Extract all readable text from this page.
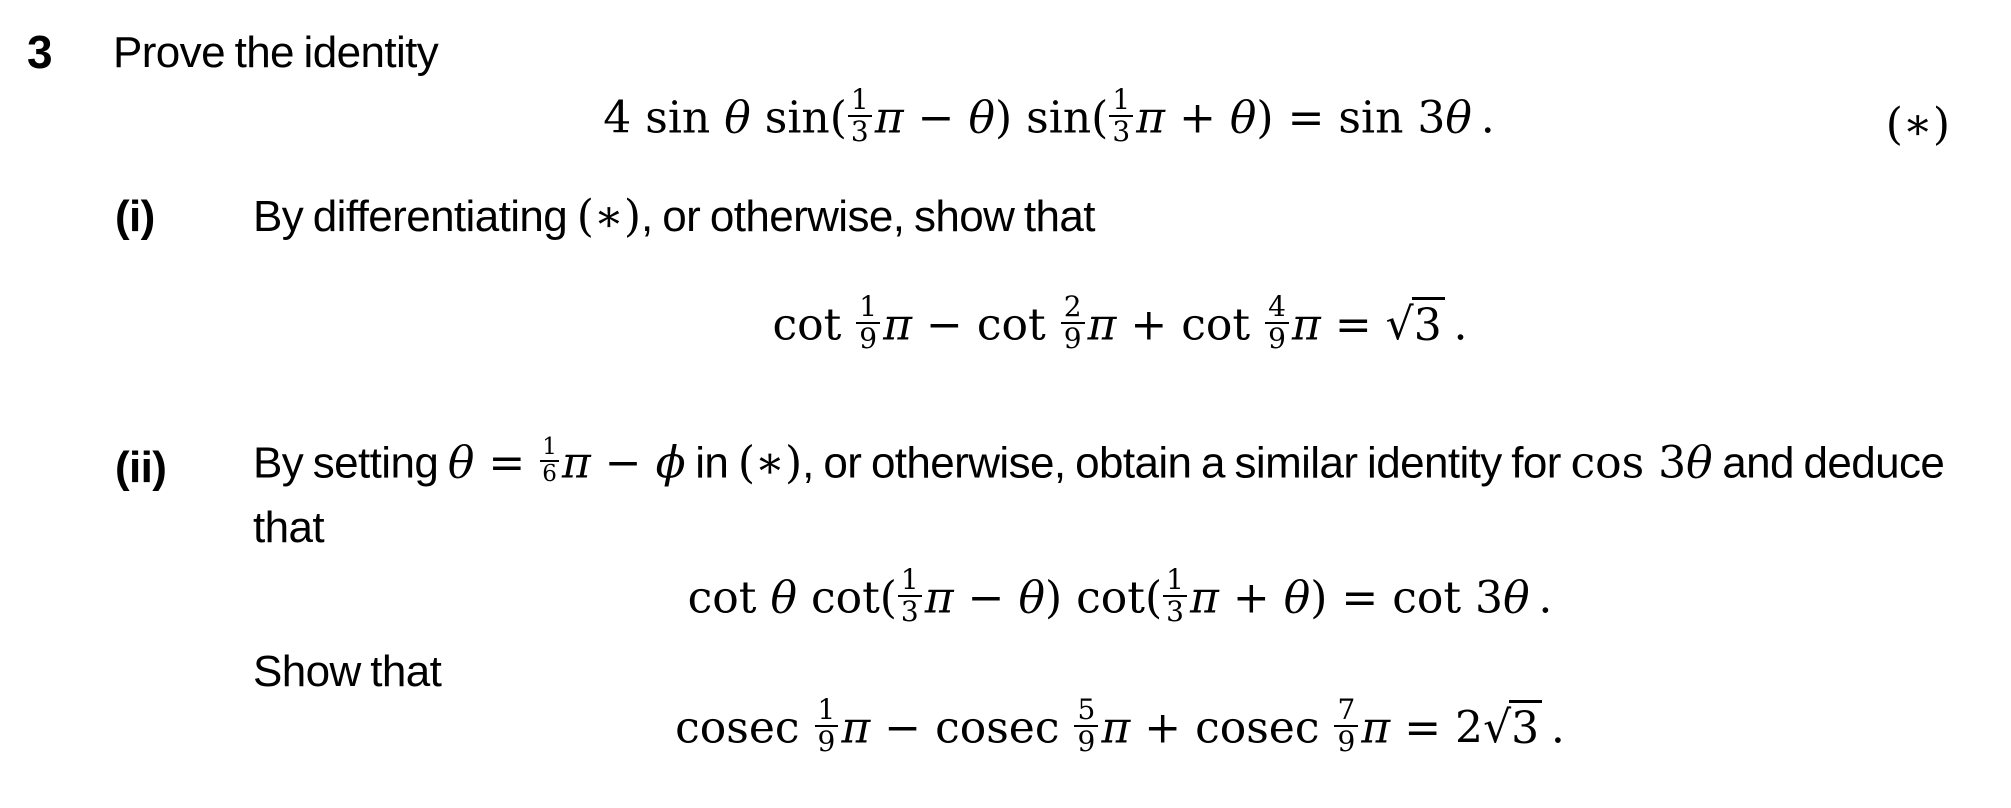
3 Prove the identity
4 sin θ $\sin( \frac{1}{3}$ π − θ) $\sin( \frac{1}{3}$ π + θ) = sin 3θ .	(∗)
(i) By differentiating (∗), or otherwise, show that
$\cot \frac{1}{9}$ $\pi - \cot \frac{2}{9}$ $\pi + \cot \frac{4}{9}$ π = √3 .
(ii) By setting $\theta = \frac{1}{6}$ π − ϕ in (∗), or otherwise, obtain a similar identity for cos 3θ and deduce
that
cot θ $\cot( \frac{1}{3}$ π − θ) $\cot( \frac{1}{3}$ π + θ) = cot 3θ .
Show that
cosec $\frac{1}{9}$ π − cosec $\frac{5}{9}$ π + cosec $\frac{7}{9}$ π = 2√3 .
